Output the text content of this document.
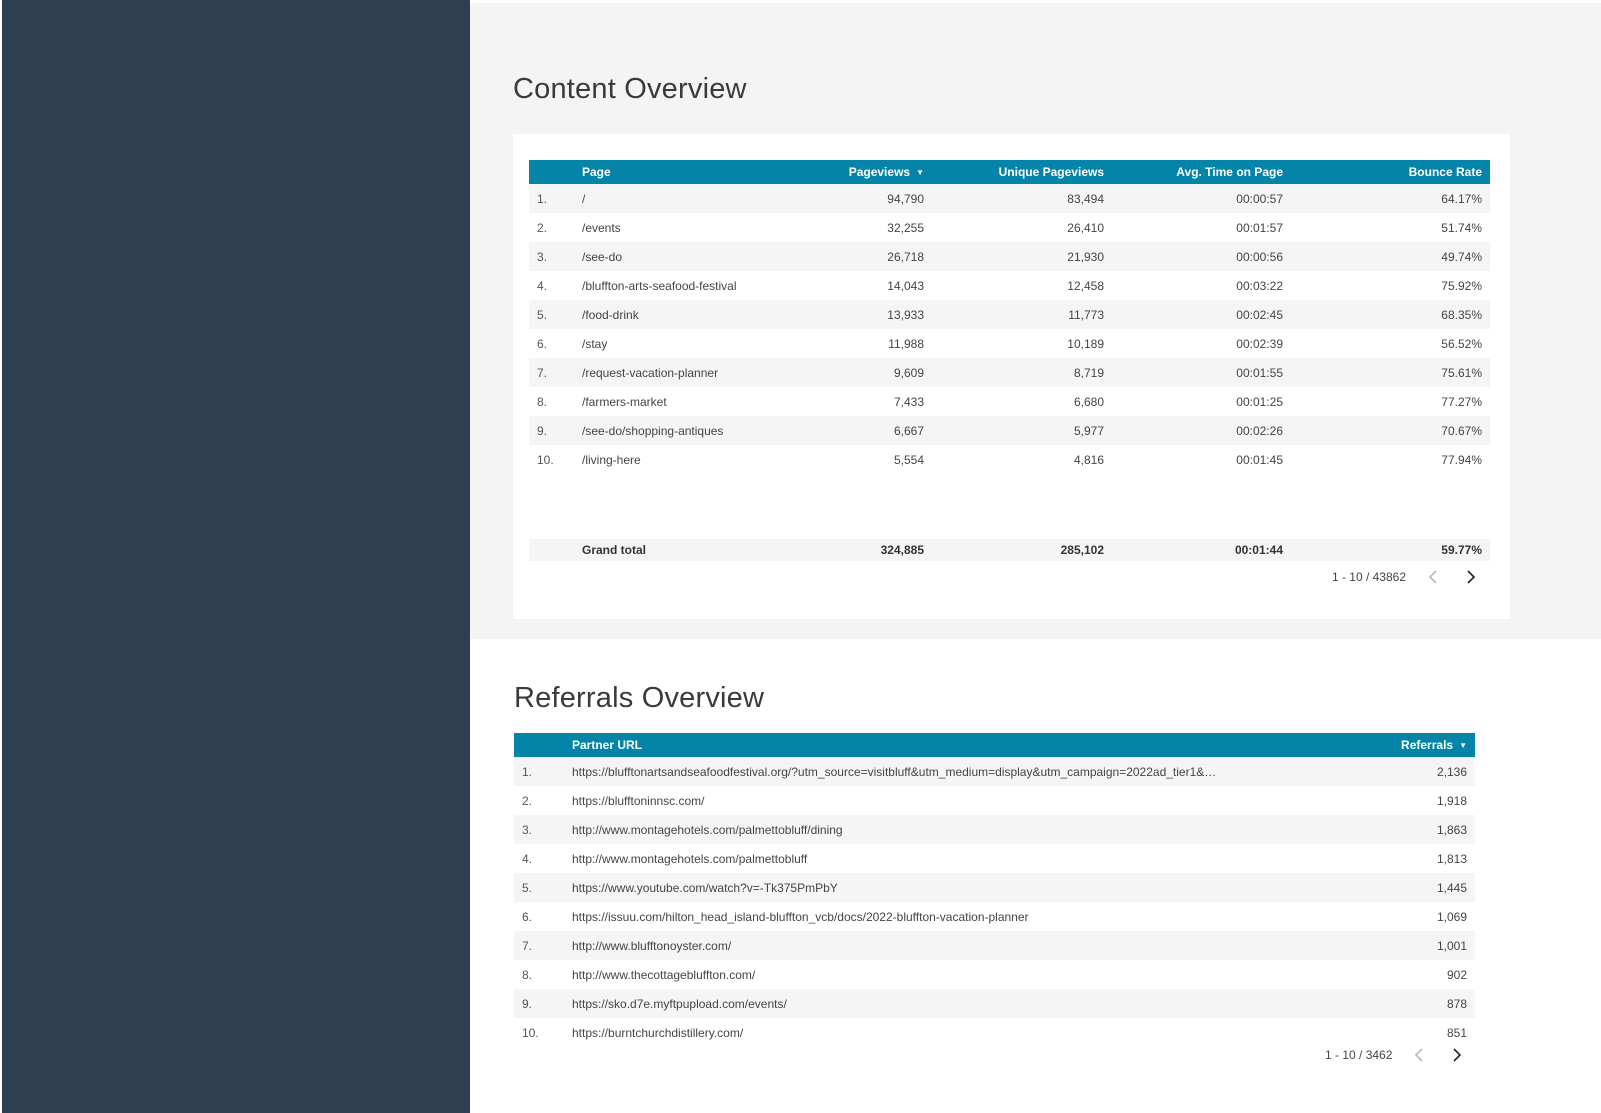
Content Overview
	Page	Pageviews ▼	Unique Pageviews	Avg. Time on Page	Bounce Rate
1.	/	94,790	83,494	00:00:57	64.17%
2.	/events	32,255	26,410	00:01:57	51.74%
3.	/see-do	26,718	21,930	00:00:56	49.74%
4.	/bluffton-arts-seafood-festival	14,043	12,458	00:03:22	75.92%
5.	/food-drink	13,933	11,773	00:02:45	68.35%
6.	/stay	11,988	10,189	00:02:39	56.52%
7.	/request-vacation-planner	9,609	8,719	00:01:55	75.61%
8.	/farmers-market	7,433	6,680	00:01:25	77.27%
9.	/see-do/shopping-antiques	6,667	5,977	00:02:26	70.67%
10.	/living-here	5,554	4,816	00:01:45	77.94%
	Grand total	324,885	285,102	00:01:44	59.77%
1 - 10 / 43862
Referrals Overview
	Partner URL	Referrals ▼
1.	https://blufftonartsandseafoodfestival.org/?utm_source=visitbluff&utm_medium=display&utm_campaign=2022ad_tier1&…	2,136
2.	https://blufftoninnsc.com/	1,918
3.	http://www.montagehotels.com/palmettobluff/dining	1,863
4.	http://www.montagehotels.com/palmettobluff	1,813
5.	https://www.youtube.com/watch?v=-Tk375PmPbY	1,445
6.	https://issuu.com/hilton_head_island-bluffton_vcb/docs/2022-bluffton-vacation-planner	1,069
7.	http://www.blufftonoyster.com/	1,001
8.	http://www.thecottagebluffton.com/	902
9.	https://sko.d7e.myftpupload.com/events/	878
10.	https://burntchurchdistillery.com/	851
1 - 10 / 3462
